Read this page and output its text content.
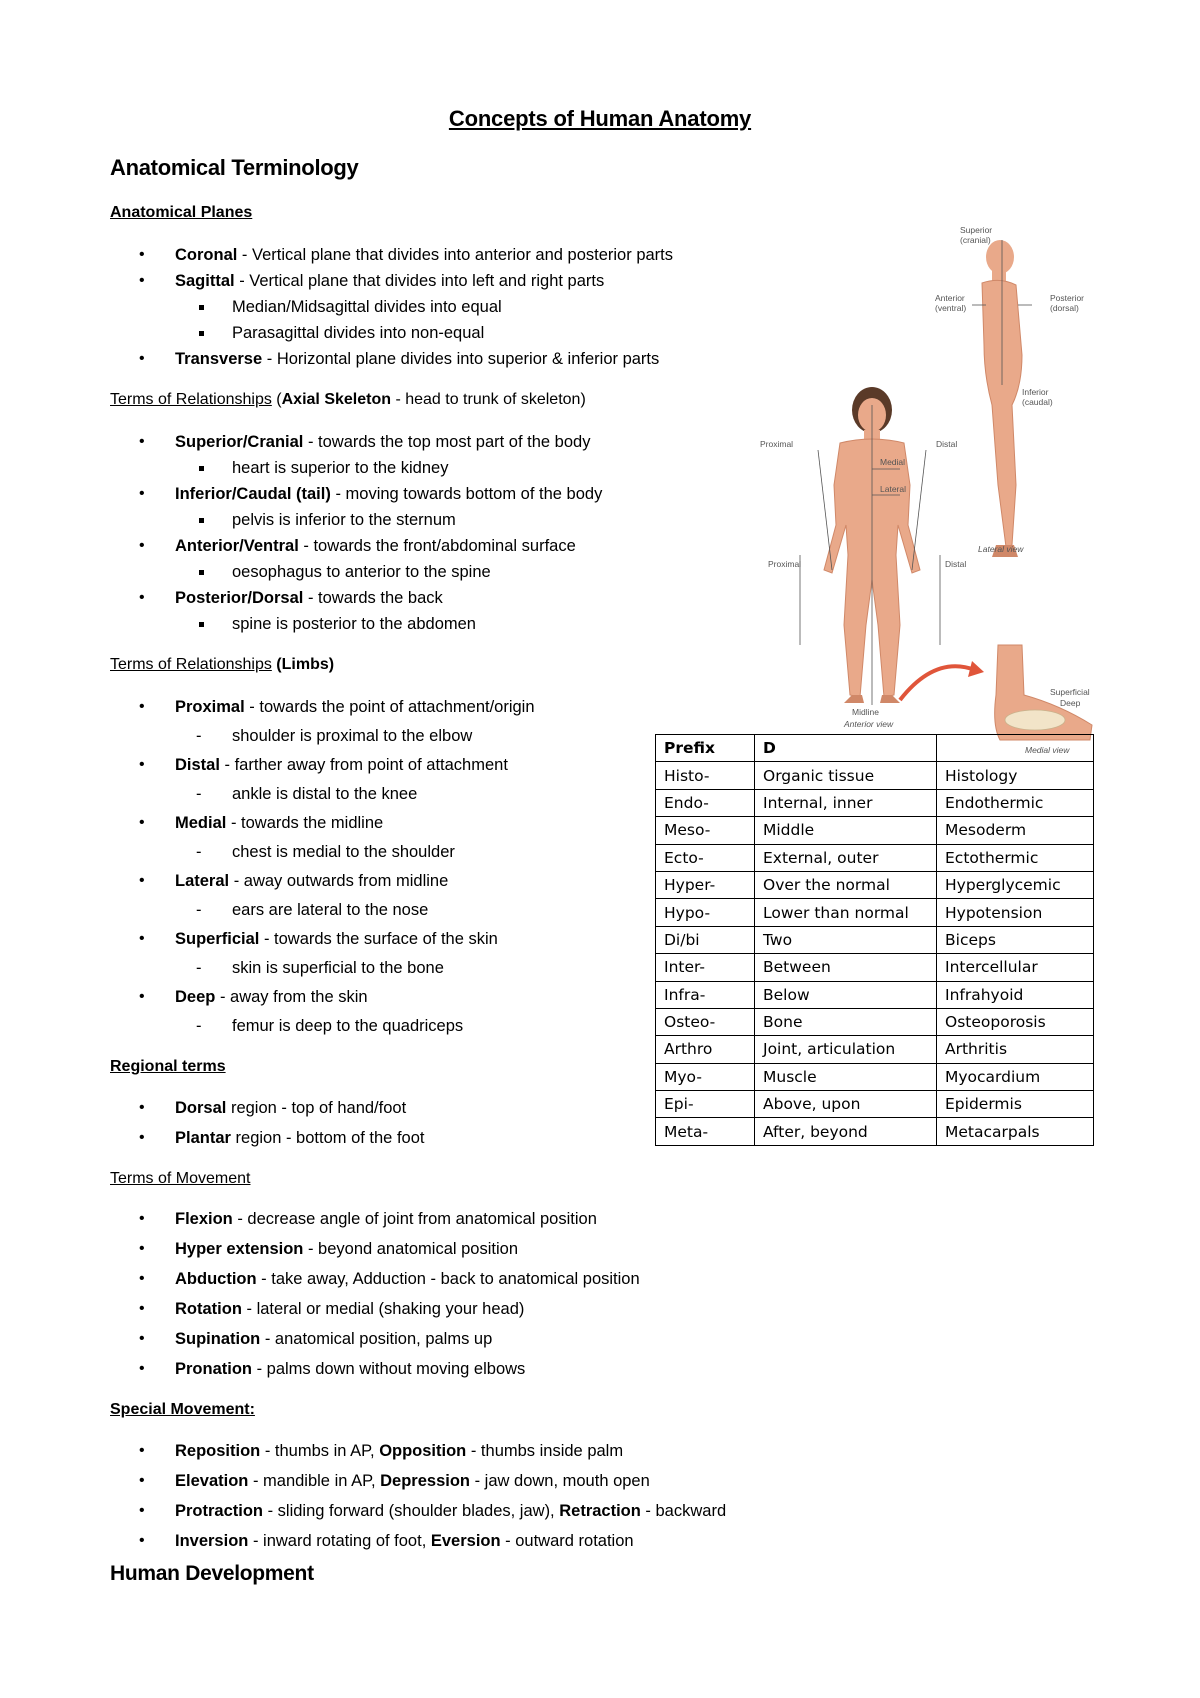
Concepts of Human Anatomy
Anatomical Terminology
Anatomical Planes
• Coronal - Vertical plane that divides into anterior and posterior parts
• Sagittal - Vertical plane that divides into left and right parts
Median/Midsagittal divides into equal
Parasagittal divides into non-equal
• Transverse - Horizontal plane divides into superior & inferior parts
Terms of Relationships (Axial Skeleton - head to trunk of skeleton)
• Superior/Cranial - towards the top most part of the body
heart is superior to the kidney
• Inferior/Caudal (tail) - moving towards bottom of the body
pelvis is inferior to the sternum
• Anterior/Ventral - towards the front/abdominal surface
oesophagus to anterior to the spine
• Posterior/Dorsal - towards the back
spine is posterior to the abdomen
Terms of Relationships (Limbs)
• Proximal - towards the point of attachment/origin
- shoulder is proximal to the elbow
• Distal - farther away from point of attachment
- ankle is distal to the knee
• Medial - towards the midline
- chest is medial to the shoulder
• Lateral - away outwards from midline
- ears are lateral to the nose
• Superficial - towards the surface of the skin
- skin is superficial to the bone
• Deep - away from the skin
- femur is deep to the quadriceps
Regional terms
• Dorsal region - top of hand/foot
• Plantar region - bottom of the foot
Terms of Movement
• Flexion - decrease angle of joint from anatomical position
• Hyper extension - beyond anatomical position
• Abduction - take away, Adduction - back to anatomical position
• Rotation - lateral or medial (shaking your head)
• Supination - anatomical position, palms up
• Pronation - palms down without moving elbows
Special Movement:
• Reposition - thumbs in AP, Opposition - thumbs inside palm
• Elevation - mandible in AP, Depression - jaw down, mouth open
• Protraction - sliding forward (shoulder blades, jaw), Retraction - backward
• Inversion - inward rotating of foot, Eversion - outward rotation
Human Development
Superior
(cranial)
Anterior
(ventral)
Posterior
(dorsal)
Inferior
(caudal)
Lateral view
Proximal	Distal
Medial
Lateral
Proximal	Distal
Midline
Anterior view
Superficial
Deep
Medial view
Prefix	D	
Histo-	Organic tissue	Histology
Endo-	Internal, inner	Endothermic
Meso-	Middle	Mesoderm
Ecto-	External, outer	Ectothermic
Hyper-	Over the normal	Hyperglycemic
Hypo-	Lower than normal	Hypotension
Di/bi	Two	Biceps
Inter-	Between	Intercellular
Infra-	Below	Infrahyoid
Osteo-	Bone	Osteoporosis
Arthro	Joint, articulation	Arthritis
Myo-	Muscle	Myocardium
Epi-	Above, upon	Epidermis
Meta-	After, beyond	Metacarpals
